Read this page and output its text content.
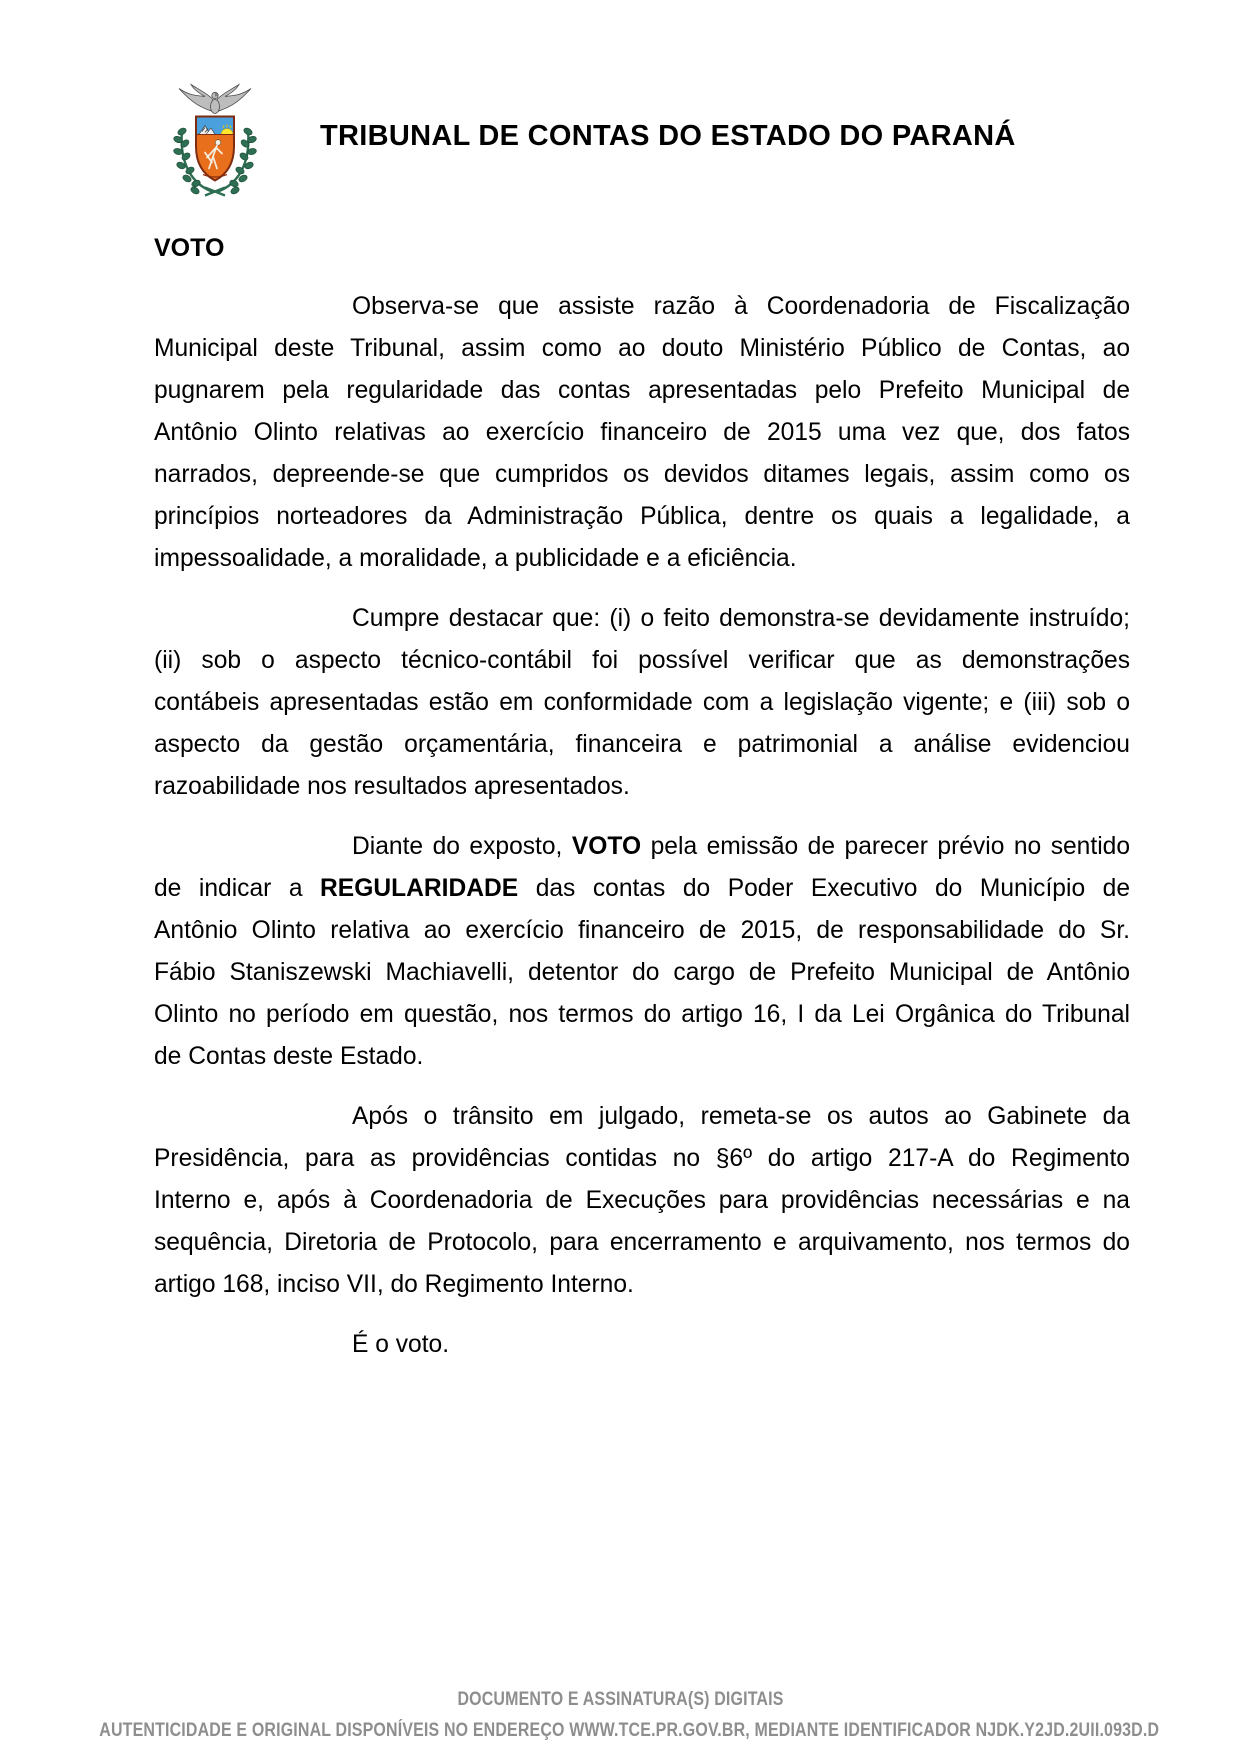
TRIBUNAL DE CONTAS DO ESTADO DO PARANÁ
VOTO
Observa-se que assiste razão à Coordenadoria de Fiscalização
Municipal deste Tribunal, assim como ao douto Ministério Público de Contas, ao
pugnarem pela regularidade das contas apresentadas pelo Prefeito Municipal de
Antônio Olinto relativas ao exercício financeiro de 2015 uma vez que, dos fatos
narrados, depreende-se que cumpridos os devidos ditames legais, assim como os
princípios norteadores da Administração Pública, dentre os quais a legalidade, a
impessoalidade, a moralidade, a publicidade e a eficiência.
Cumpre destacar que: (i) o feito demonstra-se devidamente instruído;
(ii) sob o aspecto técnico-contábil foi possível verificar que as demonstrações
contábeis apresentadas estão em conformidade com a legislação vigente; e (iii) sob o
aspecto da gestão orçamentária, financeira e patrimonial a análise evidenciou
razoabilidade nos resultados apresentados.
Diante do exposto, VOTO pela emissão de parecer prévio no sentido
de indicar a REGULARIDADE das contas do Poder Executivo do Município de
Antônio Olinto relativa ao exercício financeiro de 2015, de responsabilidade do Sr.
Fábio Staniszewski Machiavelli, detentor do cargo de Prefeito Municipal de Antônio
Olinto no período em questão, nos termos do artigo 16, I da Lei Orgânica do Tribunal
de Contas deste Estado.
Após o trânsito em julgado, remeta-se os autos ao Gabinete da
Presidência, para as providências contidas no §6º do artigo 217-A do Regimento
Interno e, após à Coordenadoria de Execuções para providências necessárias e na
sequência, Diretoria de Protocolo, para encerramento e arquivamento, nos termos do
artigo 168, inciso VII, do Regimento Interno.
É o voto.
DOCUMENTO E ASSINATURA(S) DIGITAIS
AUTENTICIDADE E ORIGINAL DISPONÍVEIS NO ENDEREÇO WWW.TCE.PR.GOV.BR, MEDIANTE IDENTIFICADOR NJDK.Y2JD.2UII.093D.D
